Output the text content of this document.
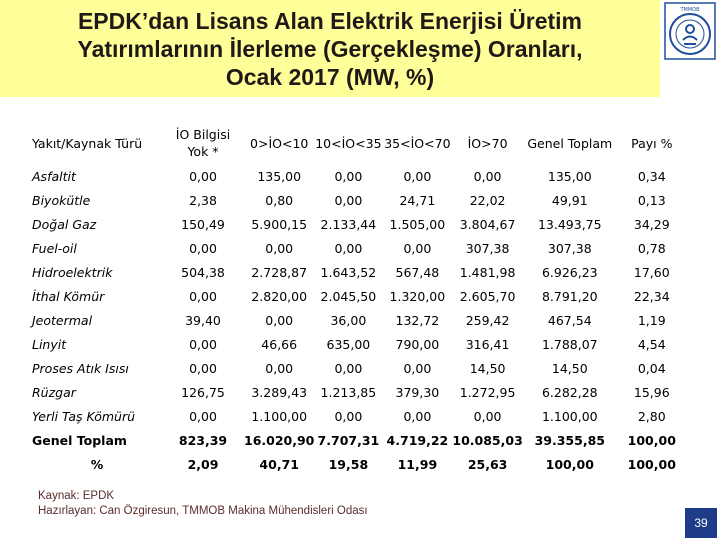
EPDK’dan Lisans Alan Elektrik Enerjisi Üretim
Yatırımlarının İlerleme (Gerçekleşme) Oranları,
Ocak 2017 (MW, %)
TMMOB
Yakıt/Kaynak Türü	İO Bilgisi Yok *	0>İO<10	10<İO<35	35<İO<70	İO>70	Genel Toplam	Payı %
Asfaltit	0,00	135,00	0,00	0,00	0,00	135,00	0,34
Biyokütle	2,38	0,80	0,00	24,71	22,02	49,91	0,13
Doğal Gaz	150,49	5.900,15	2.133,44	1.505,00	3.804,67	13.493,75	34,29
Fuel-oil	0,00	0,00	0,00	0,00	307,38	307,38	0,78
Hidroelektrik	504,38	2.728,87	1.643,52	567,48	1.481,98	6.926,23	17,60
İthal Kömür	0,00	2.820,00	2.045,50	1.320,00	2.605,70	8.791,20	22,34
Jeotermal	39,40	0,00	36,00	132,72	259,42	467,54	1,19
Linyit	0,00	46,66	635,00	790,00	316,41	1.788,07	4,54
Proses Atık Isısı	0,00	0,00	0,00	0,00	14,50	14,50	0,04
Rüzgar	126,75	3.289,43	1.213,85	379,30	1.272,95	6.282,28	15,96
Yerli Taş Kömürü	0,00	1.100,00	0,00	0,00	0,00	1.100,00	2,80
Genel Toplam	823,39	16.020,90	7.707,31	4.719,22	10.085,03	39.355,85	100,00
%	2,09	40,71	19,58	11,99	25,63	100,00	100,00
Kaynak: EPDK
Hazırlayan: Can Özgiresun, TMMOB Makina Mühendisleri Odası
39
